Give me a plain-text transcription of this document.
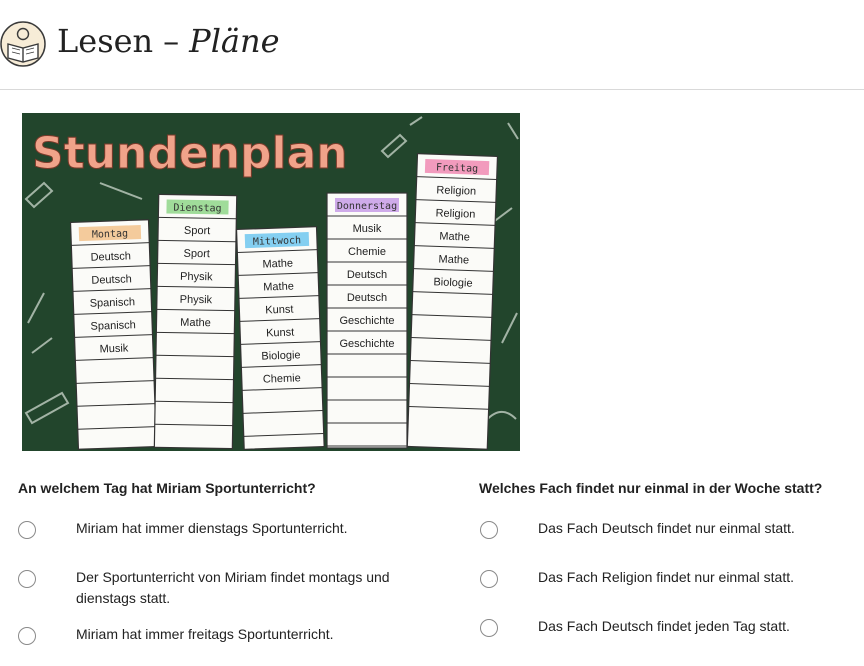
Lesen – Pläne
Stundenplan
Montag
Deutsch
Deutsch
Spanisch
Spanisch
Musik
Dienstag
Sport
Sport
Physik
Physik
Mathe
Mittwoch
Mathe
Mathe
Kunst
Kunst
Biologie
Chemie
Donnerstag
Musik
Chemie
Deutsch
Deutsch
Geschichte
Geschichte
Freitag
Religion
Religion
Mathe
Mathe
Biologie
An welchem Tag hat Miriam Sportunterricht?	Welches Fach findet nur einmal in der Woche statt?
Miriam hat immer dienstags Sportunterricht.
Der Sportunterricht von Miriam findet montags und dienstags statt.
Miriam hat immer freitags Sportunterricht.
Das Fach Deutsch findet nur einmal statt.
Das Fach Religion findet nur einmal statt.
Das Fach Deutsch findet jeden Tag statt.
